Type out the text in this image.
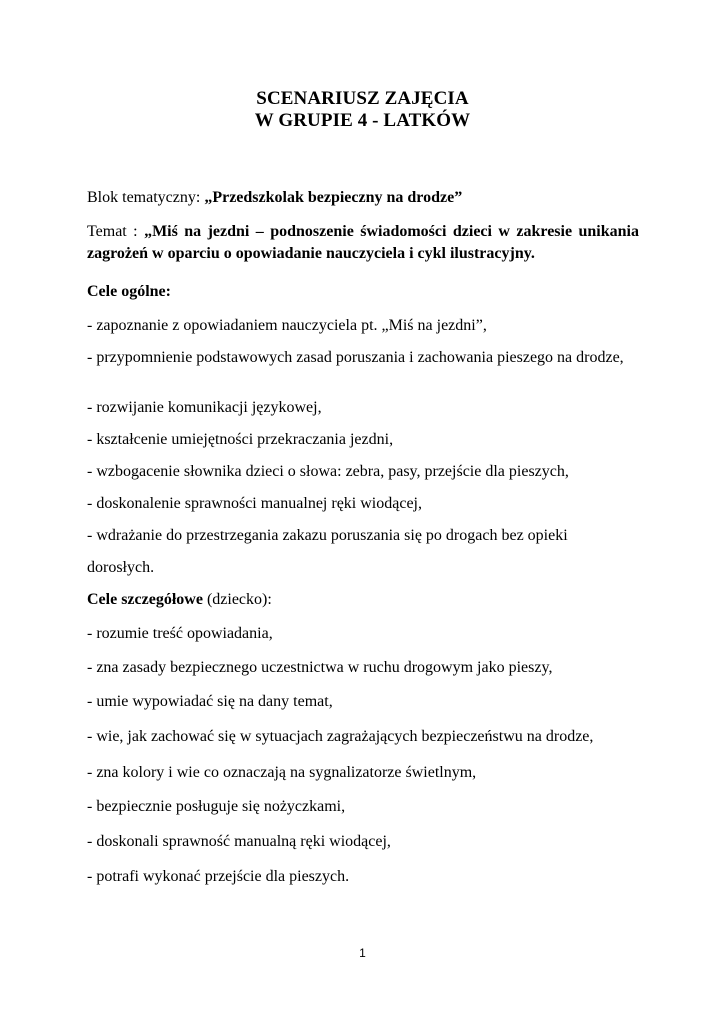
SCENARIUSZ ZAJĘCIA
W GRUPIE 4 - LATKÓW
Blok tematyczny: „Przedszkolak bezpieczny na drodze”
Temat : „Miś na jezdni – podnoszenie świadomości dzieci w zakresie unikania zagrożeń w oparciu o opowiadanie nauczyciela i cykl ilustracyjny.
Cele ogólne:
- zapoznanie z opowiadaniem nauczyciela pt. „Miś na jezdni”,
- przypomnienie podstawowych zasad poruszania i zachowania pieszego na drodze,
- rozwijanie komunikacji językowej,
- kształcenie umiejętności przekraczania jezdni,
- wzbogacenie słownika dzieci o słowa: zebra, pasy, przejście dla pieszych,
- doskonalenie sprawności manualnej ręki wiodącej,
- wdrażanie do przestrzegania zakazu poruszania się po drogach bez opieki
dorosłych.
Cele szczegółowe (dziecko):
- rozumie treść opowiadania,
- zna zasady bezpiecznego uczestnictwa w ruchu drogowym jako pieszy,
- umie wypowiadać się na dany temat,
- wie, jak zachować się w sytuacjach zagrażających bezpieczeństwu na drodze,
- zna kolory i wie co oznaczają na sygnalizatorze świetlnym,
- bezpiecznie posługuje się nożyczkami,
- doskonali sprawność manualną ręki wiodącej,
- potrafi wykonać przejście dla pieszych.
1
